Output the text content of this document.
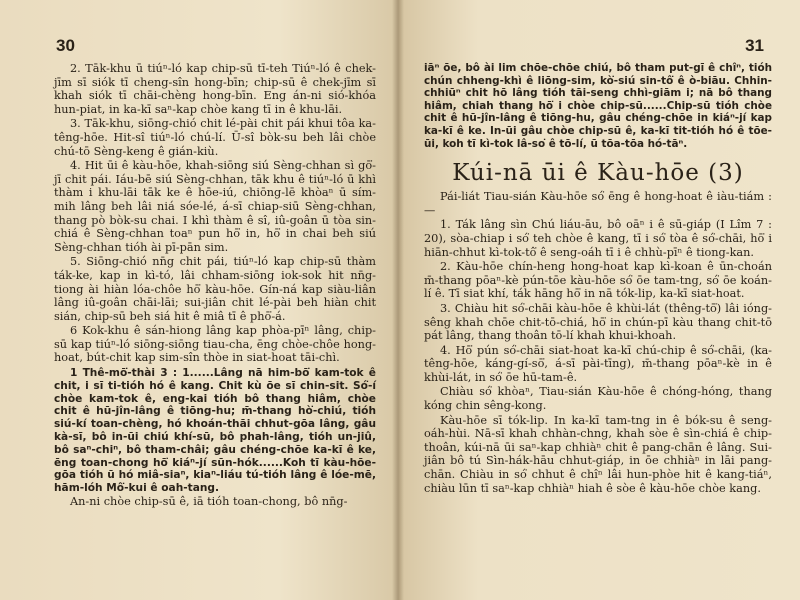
30

2. Tāk-khu ū tiúⁿ-ló kap chip-sū tī-teh Tiúⁿ-ló ê chek-jīm sī siók tī cheng-sîn hong-bīn; chip-sū ê chek-jīm sī khah siók tī chāi-chèng hong-bīn. Eng án-ni sió-khóa hun-piat, in ka-kī saⁿ-kap chòe kang tī in ê khu-lāi.

3. Tāk-khu, siōng-chió chit lé-pài chit pái khui tôa ka-têng-hōe. Hit-sî tiúⁿ-ló chú-lí. Ū-sî bòk-su beh lâi chòe chú-tō Sèng-keng ê gián-kiù.

4. Hit ūi ê kàu-hōe, khah-siōng siú Sèng-chhan sì gō͘-jī chit pái. Iáu-bē siú Sèng-chhan, tāk khu ê tiúⁿ-ló ū khì thàm i khu-lāi tāk ke ê hōe-iú, chiōng-lē khòaⁿ ū sím-mih lâng beh lâi niá sóe-lé, á-sī chiap-siū Sèng-chhan, thang pò bòk-su chai. I khì thàm ê sî, iû-goân ū tòa sin-chiá ê Sèng-chhan toaⁿ pun hō͘ in, hō͘ in chai beh siú Sèng-chhan tióh ài pī-pān sim.

5. Siōng-chió nn̄g chit pái, tiúⁿ-ló kap chip-sū thàm ták-ke, kap in kì-tó, lâi chham-siōng iok-sok hit nn̄g-tiong ài hiàn lóa-chôe hō͘ kàu-hōe. Gín-ná kap siàu-liân lâng iû-goân chāi-lāi; sui-jiân chit lé-pài beh hiàn chit sián, chip-sū beh siá hit ê miâ tī ê phō͘-á.

6 Kok-khu ê sán-hiong lâng kap phòa-pīⁿ lâng, chip-sū kap tiúⁿ-ló siōng-siōng tiau-cha, ēng chòe-chôe hong-hoat, bút-chit kap sim-sîn thòe in siat-hoat tāi-chì.

1 Thê-mō͘-thài 3 : 1......Lâng nā him-bō͘ kam-tok ê chit, i sī ti-tióh hó ê kang. Chit kù ōe sī chin-sit. Só͘-í chòe kam-tok ê, eng-kai tióh bô thang hiâm, chòe chit ê hū-jîn-lâng ê tiōng-hu; m̄-thang hò͘-chiú, tióh siú-kí toan-chèng, hó khoán-thāi chhut-gōa lâng, gâu kà-sī, bô in-ūi chiú khí-sū, bô phah-lâng, tióh un-jiû, bô saⁿ-chiⁿ, bô tham-châi; gâu chéng-chōe ka-kī ê ke, ēng toan-chong hō͘ kiáⁿ-jí sūn-hók......Koh tī kàu-hōe-gōa tióh ū hó miâ-siaⁿ, kiaⁿ-liáu tú-tióh lâng ê lóe-mē, hām-lóh Mô͘-kui ê oah-tang.

An-ni chòe chip-sū ê, iā tióh toan-chong, bô nn̄g-

31

iāⁿ ōe, bô ài lim chōe-chōe chiú, bô tham put-gī ê chîⁿ, tióh chún chheng-khì ê liōng-sim, kò͘-siú sin-tô͘ ê ò-biāu. Chhin-chhiūⁿ chit hō lâng tióh tāi-seng chhì-giām i; nā bô thang hiâm, chiah thang hō͘ i chòe chip-sū......Chip-sū tióh chòe chit ê hū-jîn-lâng ê tiōng-hu, gâu chéng-chōe in kiáⁿ-jí kap ka-kī ê ke. In-ūi gâu chòe chip-sū ê, ka-kī tit-tióh hó ê tōe-ūi, koh tī kì-tok lâ-so͘ ê tō-lí, ū tōa-tōa hó-tāⁿ.

Kúi-nā ūi ê Kàu-hōe (3)

Pái-liát Tiau-sián Kàu-hōe só͘ ēng ê hong-hoat ê iàu-tiám :—

1. Ták lâng sìn Chú liáu-āu, bô oāⁿ i ê sū-giáp (I Lîm 7 : 20), sòa-chiap i só͘ teh chòe ê kang, tī i só͘ tòa ê só͘-chāi, hō͘ i hiān-chhut kì-tok-tô͘ ê seng-oáh tī i ê chhù-pīⁿ ê tiong-kan.

2. Kàu-hōe chín-heng hong-hoat kap kì-koan ê ūn-choán m̄-thang pōaⁿ-kè pún-tōe kàu-hōe só͘ ōe tam-tng, só͘ ōe koán-lí ê. Tī siat khí, ták hāng hō͘ in nā tók-lip, ka-kī siat-hoat.

3. Chiàu hit só͘-chāi kàu-hōe ê khùi-lát (thêng-tō͘) lâi ióng-sêng khah chōe chit-tō-chiá, hō͘ in chún-pī kàu thang chit-tō pát lâng, thang thoân tō-lí khah khui-khoah.

4. Hō͘ pún só͘-chāi siat-hoat ka-kī chú-chip ê só͘-chāi, (ka-têng-hōe, káng-gí-sō͘, á-sī pài-tīng), m̄-thang pōaⁿ-kè in ê khùi-lát, in só͘ ōe hū-tam-ê.

Chiàu só͘ khòaⁿ, Tiau-sián Kàu-hōe ê chóng-hóng, thang kóng chin sêng-kong.

Kàu-hōe sī tók-lip. In ka-kī tam-tng in ê bók-su ê seng-oáh-hùi. Nā-sī khah chhàn-chng, khah sòe ê sìn-chiá ê chip-thoân, kúi-nā ūi saⁿ-kap chhiàⁿ chit ê pang-chān ê lâng. Sui-jiân bô tú Sìn-hák-hāu chhut-giáp, in ōe chhiàⁿ in lāi pang-chān. Chiàu in só͘ chhut ê chîⁿ lâi hun-phòe hit ê kang-tiáⁿ, chiàu lūn tī saⁿ-kap chhiàⁿ hiah ê sòe ê kàu-hōe chòe kang.
